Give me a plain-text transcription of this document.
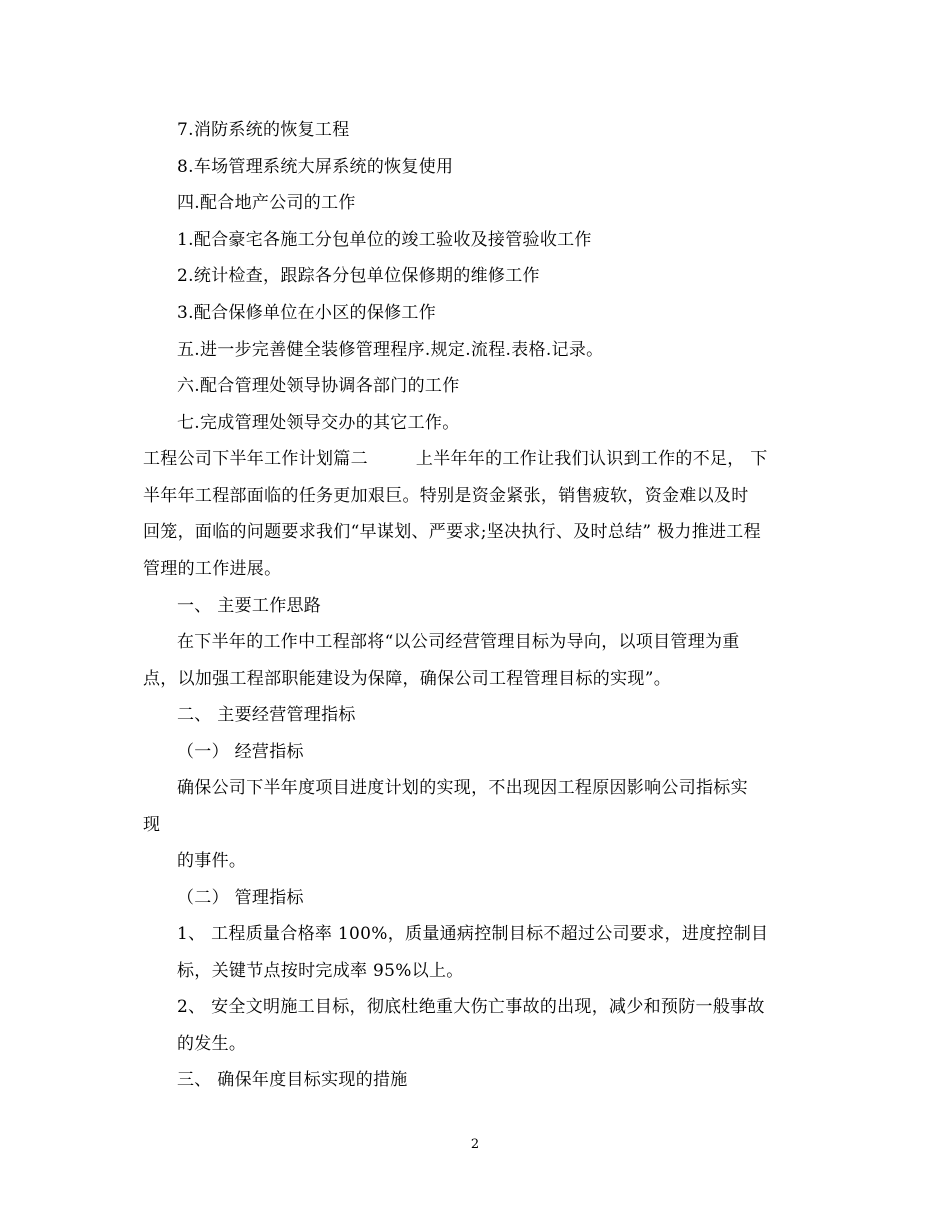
7.消防系统的恢复工程
8.车场管理系统大屏系统的恢复使用
四.配合地产公司的工作
1.配合豪宅各施工分包单位的竣工验收及接管验收工作
2.统计检查，跟踪各分包单位保修期的维修工作
3.配合保修单位在小区的保修工作
五.进一步完善健全装修管理程序.规定.流程.表格.记录。
六.配合管理处领导协调各部门的工作
七.完成管理处领导交办的其它工作。
工程公司下半年工作计划篇二	上半年年的工作让我们认识到工作的不足， 下
半年年工程部面临的任务更加艰巨。特别是资金紧张，销售疲软，资金难以及时
回笼，面临的问题要求我们“早谋划、严要求;坚决执行、及时总结” 极力推进工程
管理的工作进展。
一、 主要工作思路
在下半年的工作中工程部将“以公司经营管理目标为导向，以项目管理为重
点，以加强工程部职能建设为保障，确保公司工程管理目标的实现”。
二、 主要经营管理指标
（一） 经营指标
确保公司下半年度项目进度计划的实现，不出现因工程原因影响公司指标实
现
的事件。
（二） 管理指标
1、 工程质量合格率 100%，质量通病控制目标不超过公司要求，进度控制目
标，关键节点按时完成率 95%以上。
2、 安全文明施工目标，彻底杜绝重大伤亡事故的出现，减少和预防一般事故
的发生。
三、 确保年度目标实现的措施
2
